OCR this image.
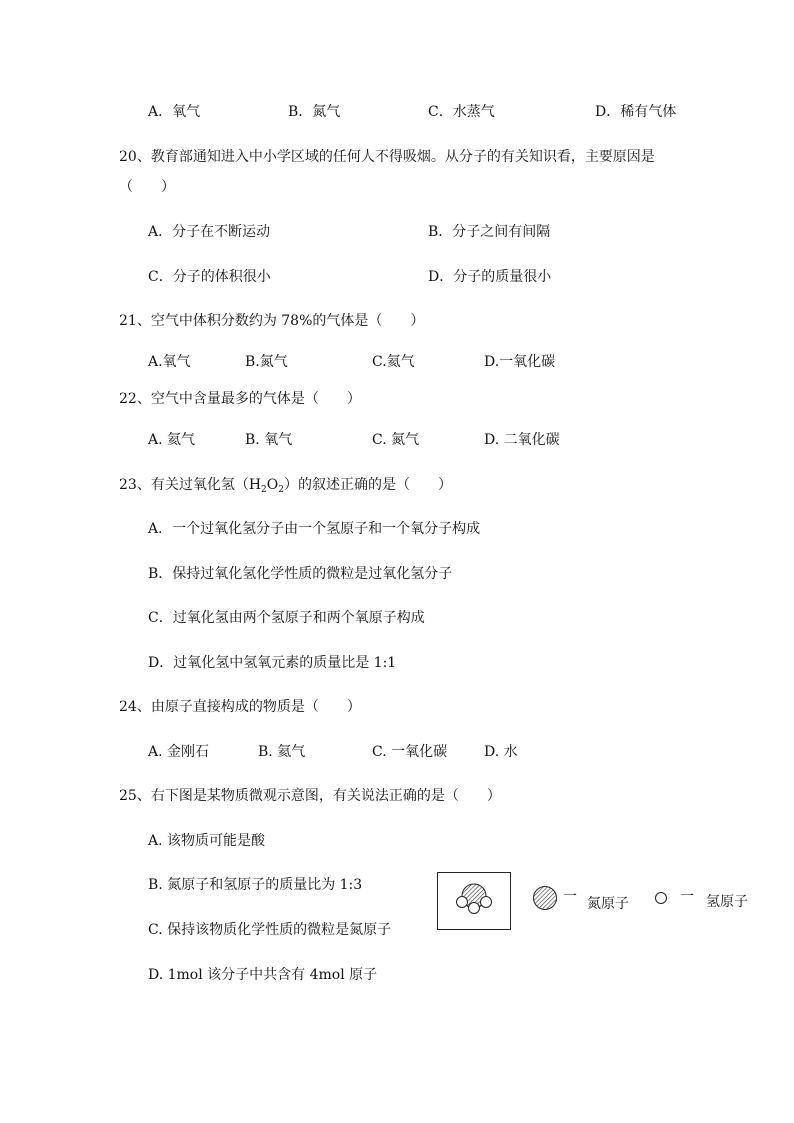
A．氧气	B．氮气	C．水蒸气	D．稀有气体
20、教育部通知进入中小学区域的任何人不得吸烟。从分子的有关知识看，主要原因是
（　　）
A．分子在不断运动	B．分子之间有间隔
C．分子的体积很小	D．分子的质量很小
21、空气中体积分数约为 78%的气体是（　　）
A.氧气	B.氮气	C.氦气	D.一氧化碳
22、空气中含量最多的气体是（　　）
A. 氦气	B. 氧气	C. 氮气	D. 二氧化碳
23、有关过氧化氢$(H_2O_2)$的叙述正确的是（　　）
A．一个过氧化氢分子由一个氢原子和一个氧分子构成
B．保持过氧化氢化学性质的微粒是过氧化氢分子
C．过氧化氢由两个氢原子和两个氧原子构成
D．过氧化氢中氢氧元素的质量比是 1:1
24、由原子直接构成的物质是（　　）
A. 金刚石	B. 氦气	C. 一氧化碳	D. 水
25、右下图是某物质微观示意图，有关说法正确的是（　　）
A. 该物质可能是酸
B. 氮原子和氢原子的质量比为 1:3
C. 保持该物质化学性质的微粒是氮原子
D. 1mol 该分子中共含有 4mol 原子
一 氮原子	一 氢原子
